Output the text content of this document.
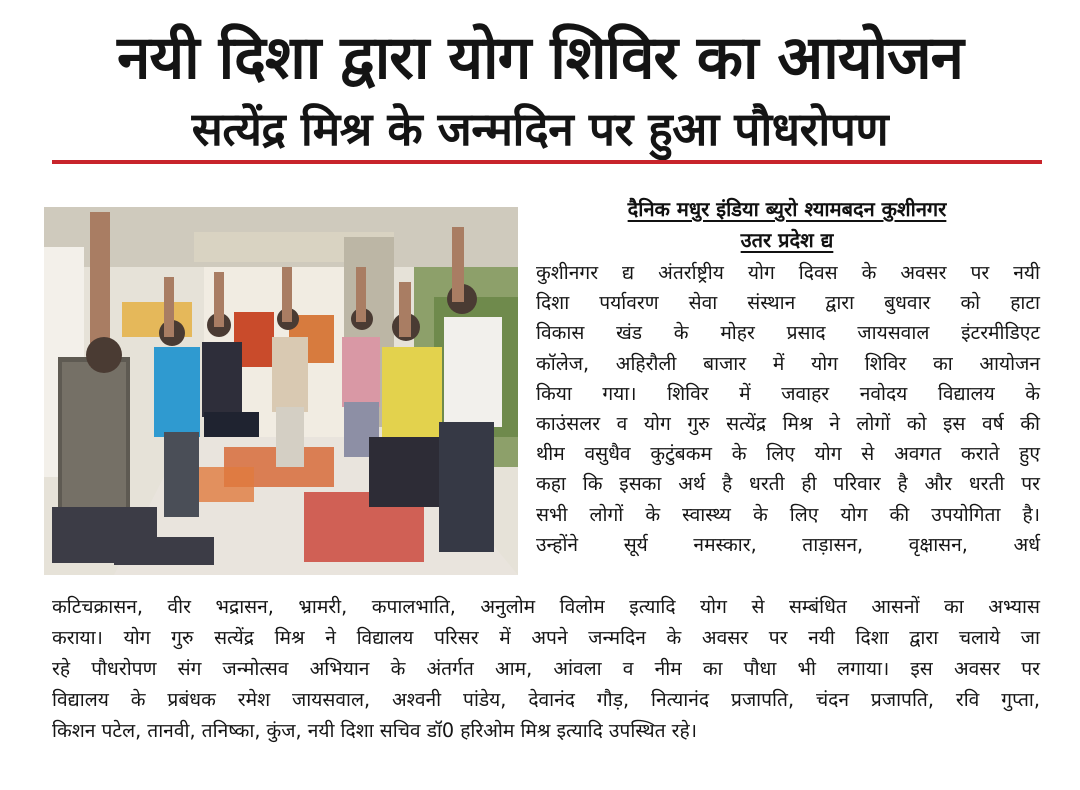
नयी दिशा द्वारा योग शिविर का आयोजन
सत्येंद्र मिश्र के जन्मदिन पर हुआ पौधरोपण
दैनिक मधुर इंडिया ब्युरो श्यामबदन कुशीनगर
उतर प्रदेश द्य
कुशीनगर द्य अंतर्राष्ट्रीय योग दिवस के अवसर पर नयी
दिशा पर्यावरण सेवा संस्थान द्वारा बुधवार को हाटा
विकास खंड के मोहर प्रसाद जायसवाल इंटरमीडिएट
कॉलेज, अहिरौली बाजार में योग शिविर का आयोजन
किया गया। शिविर में जवाहर नवोदय विद्यालय के
काउंसलर व योग गुरु सत्येंद्र मिश्र ने लोगों को इस वर्ष की
थीम वसुधैव कुटुंबकम के लिए योग से अवगत कराते हुए
कहा कि इसका अर्थ है धरती ही परिवार है और धरती पर
सभी लोगों के स्वास्थ्य के लिए योग की उपयोगिता है।
उन्होंने सूर्य नमस्कार, ताड़ासन, वृक्षासन, अर्ध
कटिचक्रासन, वीर भद्रासन, भ्रामरी, कपालभाति, अनुलोम विलोम इत्यादि योग से सम्बंधित आसनों का अभ्यास
कराया। योग गुरु सत्येंद्र मिश्र ने विद्यालय परिसर में अपने जन्मदिन के अवसर पर नयी दिशा द्वारा चलाये जा
रहे पौधरोपण संग जन्मोत्सव अभियान के अंतर्गत आम, आंवला व नीम का पौधा भी लगाया। इस अवसर पर
विद्यालय के प्रबंधक रमेश जायसवाल, अश्वनी पांडेय, देवानंद गौड़, नित्यानंद प्रजापति, चंदन प्रजापति, रवि गुप्ता,
किशन पटेल, तानवी, तनिष्का, कुंज, नयी दिशा सचिव डॉ0 हरिओम मिश्र इत्यादि उपस्थित रहे।
